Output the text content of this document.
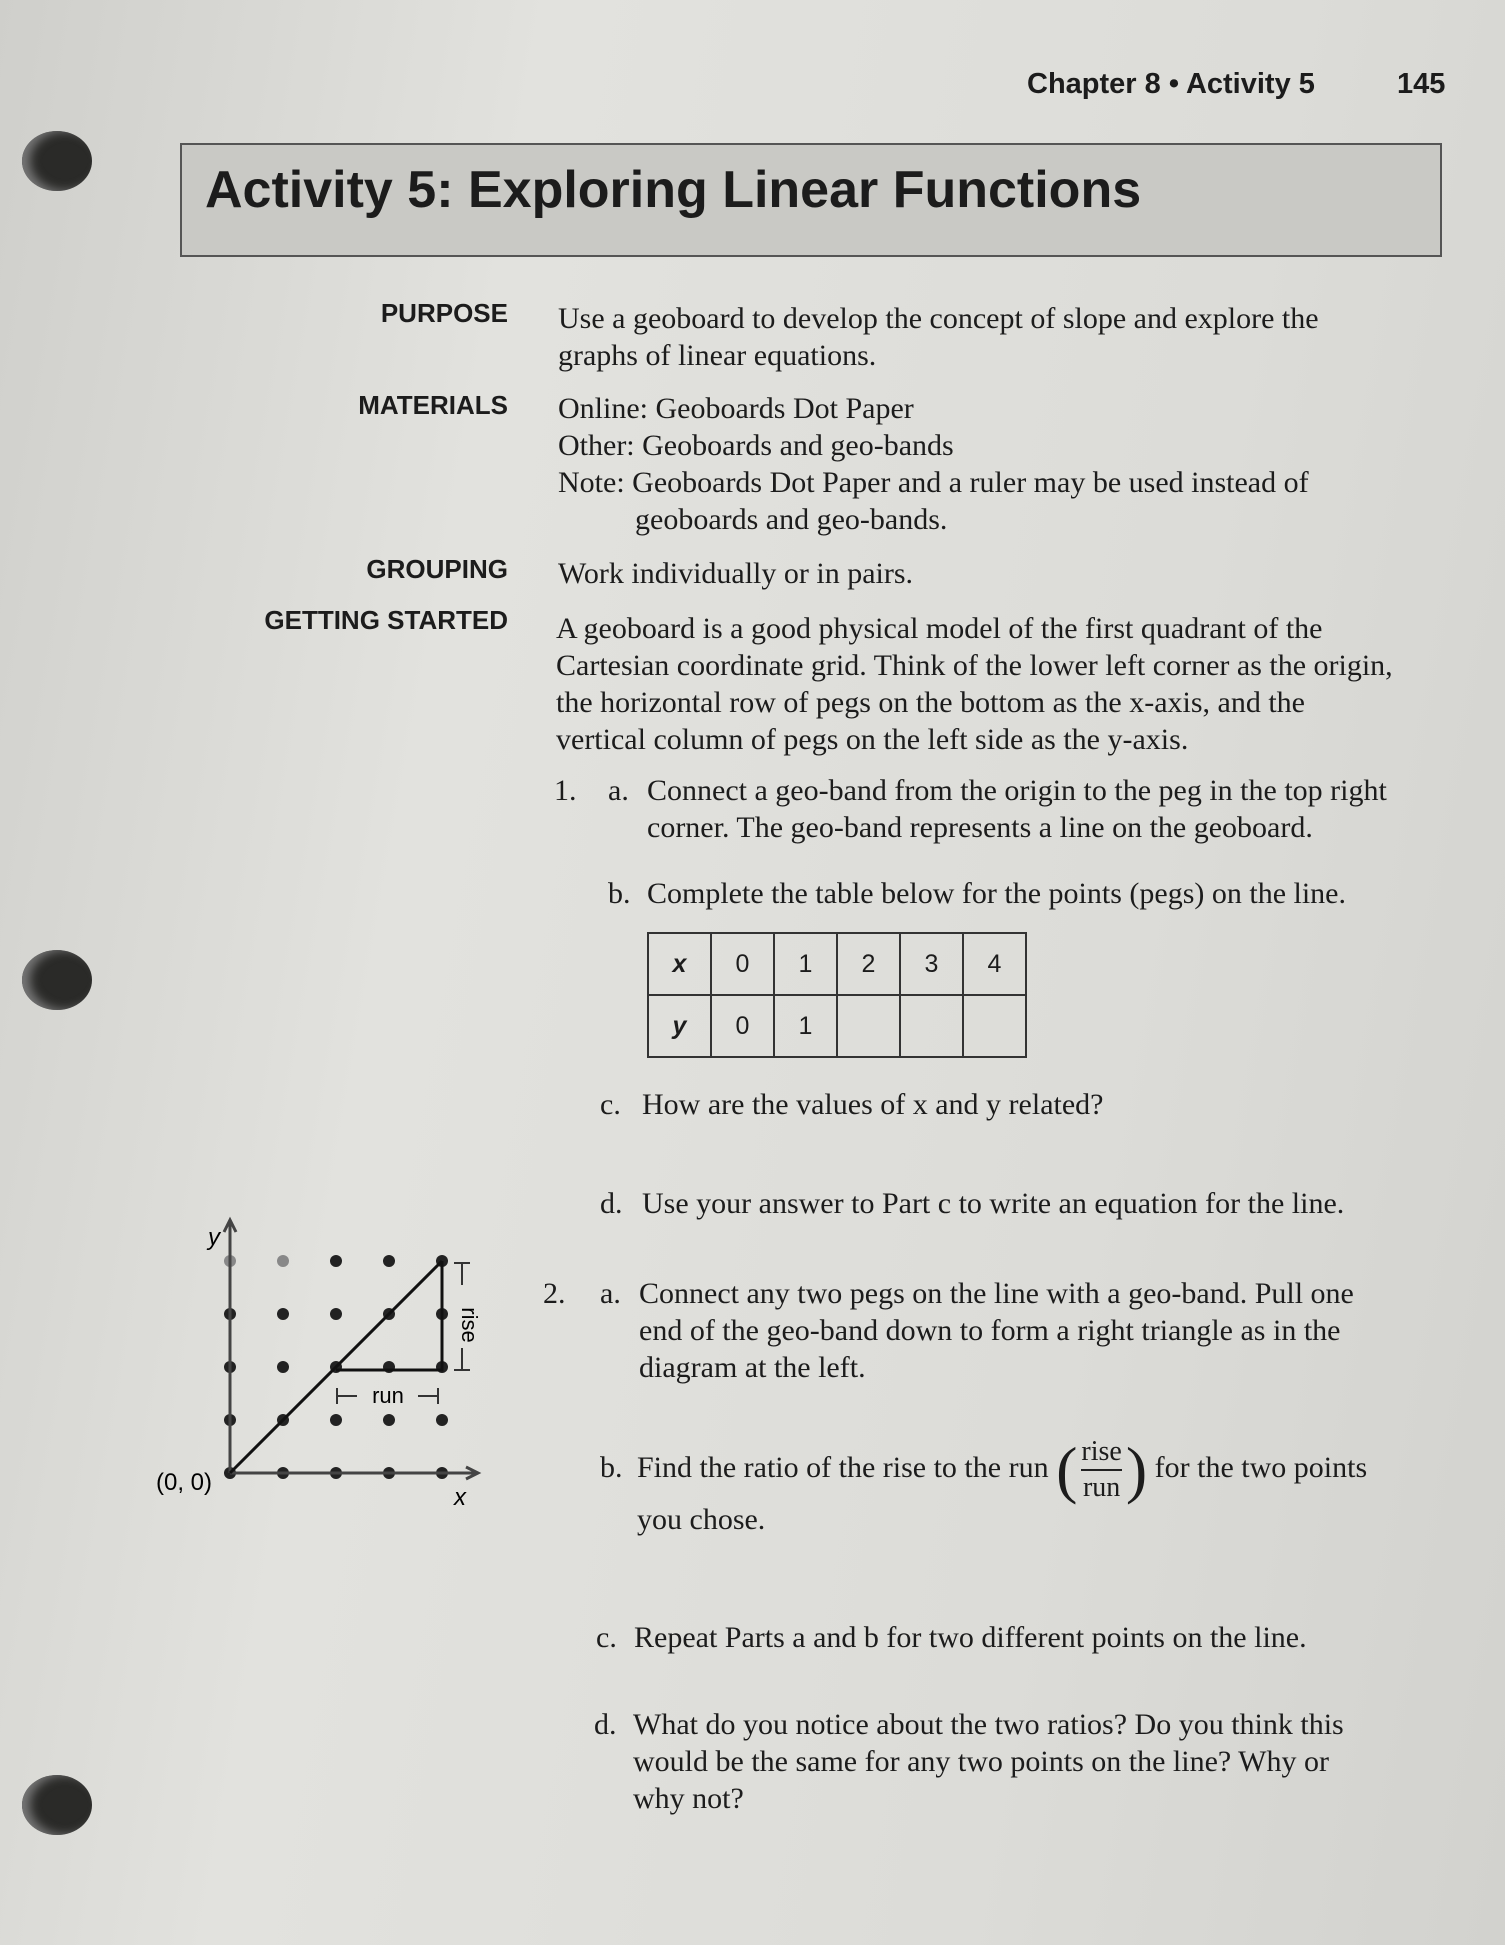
Chapter 8 • Activity 5	145
Activity 5: Exploring Linear Functions
PURPOSE Use a geoboard to develop the concept of slope and explore the
graphs of linear equations.
MATERIALS Online: Geoboards Dot Paper
Other: Geoboards and geo-bands
Note: Geoboards Dot Paper and a ruler may be used instead of
geoboards and geo-bands.
GROUPING Work individually or in pairs.
GETTING STARTED A geoboard is a good physical model of the first quadrant of the
Cartesian coordinate grid. Think of the lower left corner as the origin,
the horizontal row of pegs on the bottom as the x-axis, and the
vertical column of pegs on the left side as the y-axis.
1. a. Connect a geo-band from the origin to the peg in the top right
corner. The geo-band represents a line on the geoboard.
b. Complete the table below for the points (pegs) on the line.
x	0	1	2	3	4
y	0	1			
c. How are the values of x and y related?
d. Use your answer to Part c to write an equation for the line.
2. a. Connect any two pegs on the line with a geo-band. Pull one
end of the geo-band down to form a right triangle as in the
diagram at the left.
b. Find the ratio of the rise to the run ( $\frac{\text{rise}}{\text{run}}$ ) for the two points
you chose.
c. Repeat Parts a and b for two different points on the line.
d. What do you notice about the two ratios? Do you think this
would be the same for any two points on the line? Why or
why not?
run
rise
y
x
(0, 0)
